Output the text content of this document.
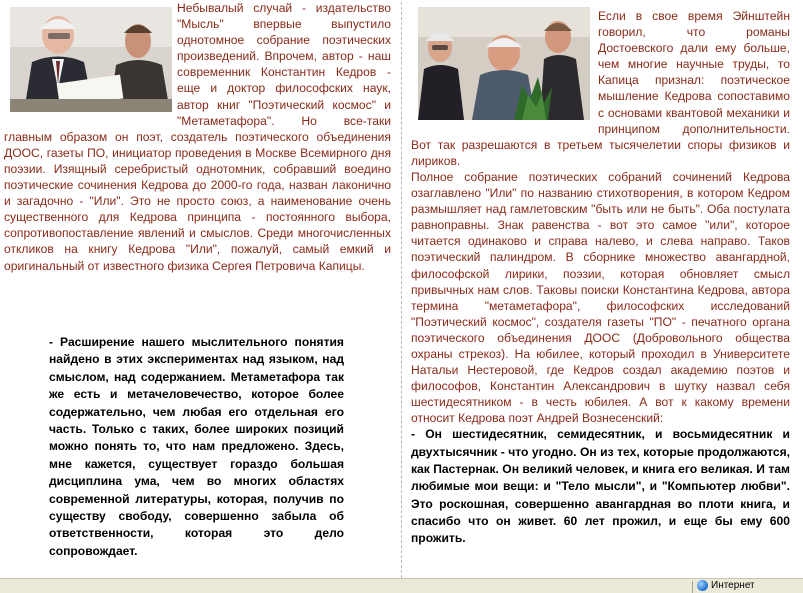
Небывалый случай - издательство "Мысль" впервые выпустило однотомное собрание поэтических произведений. Впрочем, автор - наш современник Константин Кедров - еще и доктор философских наук, автор книг "Поэтический космос" и "Метаметафора". Но все-таки главным образом он поэт, создатель поэтического объединения ДООС, газеты ПО, инициатор проведения в Москве Всемирного дня поэзии. Изящный серебристый однотомник, собравший воедино поэтические сочинения Кедрова до 2000-го года, назван лаконично и загадочно - "Или". Это не просто союз, а наименование очень существенного для Кедрова принципа - постоянного выбора, сопротивопоставление явлений и смыслов. Среди многочисленных откликов на книгу Кедрова "Или", пожалуй, самый емкий и оригинальный от известного физика Сергея Петровича Капицы.

- Расширение нашего мыслительного понятия найдено в этих экспериментах над языком, над смыслом, над содержанием. Метаметафора так же есть и метачеловечество, которое более содержательно, чем любая его отдельная его часть. Только с таких, более широких позиций можно понять то, что нам предложено. Здесь, мне кажется, существует гораздо большая дисциплина ума, чем во многих областях современной литературы, которая, получив по существу свободу, совершенно забыла об ответственности, которая это дело сопровождает.

Если в свое время Эйнштейн говорил, что романы Достоевского дали ему больше, чем многие научные труды, то Капица признал: поэтическое мышление Кедрова сопоставимо с основами квантовой механики и принципом дополнительности. Вот так разрешаются в третьем тысячелетии споры физиков и лириков.

Полное собрание поэтических собраний сочинений Кедрова озаглавлено "Или" по названию стихотворения, в котором Кедром размышляет над гамлетовским "быть или не быть". Оба постулата равноправны. Знак равенства - вот это самое "или", которое читается одинаково и справа налево, и слева направо. Таков поэтический палиндром. В сборнике множество авангардной, философской лирики, поэзии, которая обновляет смысл привычных нам слов. Таковы поиски Константина Кедрова, автора термина "метаметафора", философских исследований "Поэтический космос", создателя газеты "ПО" - печатного органа поэтического объединения ДООС (Добровольного общества охраны стрекоз). На юбилее, который проходил в Университете Натальи Нестеровой, где Кедров создал академию поэтов и философов, Константин Александрович в шутку назвал себя шестидесятником - в честь юбилея. А вот к какому времени относит Кедрова поэт Андрей Вознесенский:

- Он шестидесятник, семидесятник, и восьмидесятник и двухтысячник - что угодно. Он из тех, которые продолжаются, как Пастернак. Он великий человек, и книга его великая. И там любимые мои вещи: и "Тело мысли", и "Компьютер любви". Это роскошная, совершенно авангардная во плоти книга, и спасибо что он живет. 60 лет прожил, и еще бы ему 600 прожить.

Интернет
